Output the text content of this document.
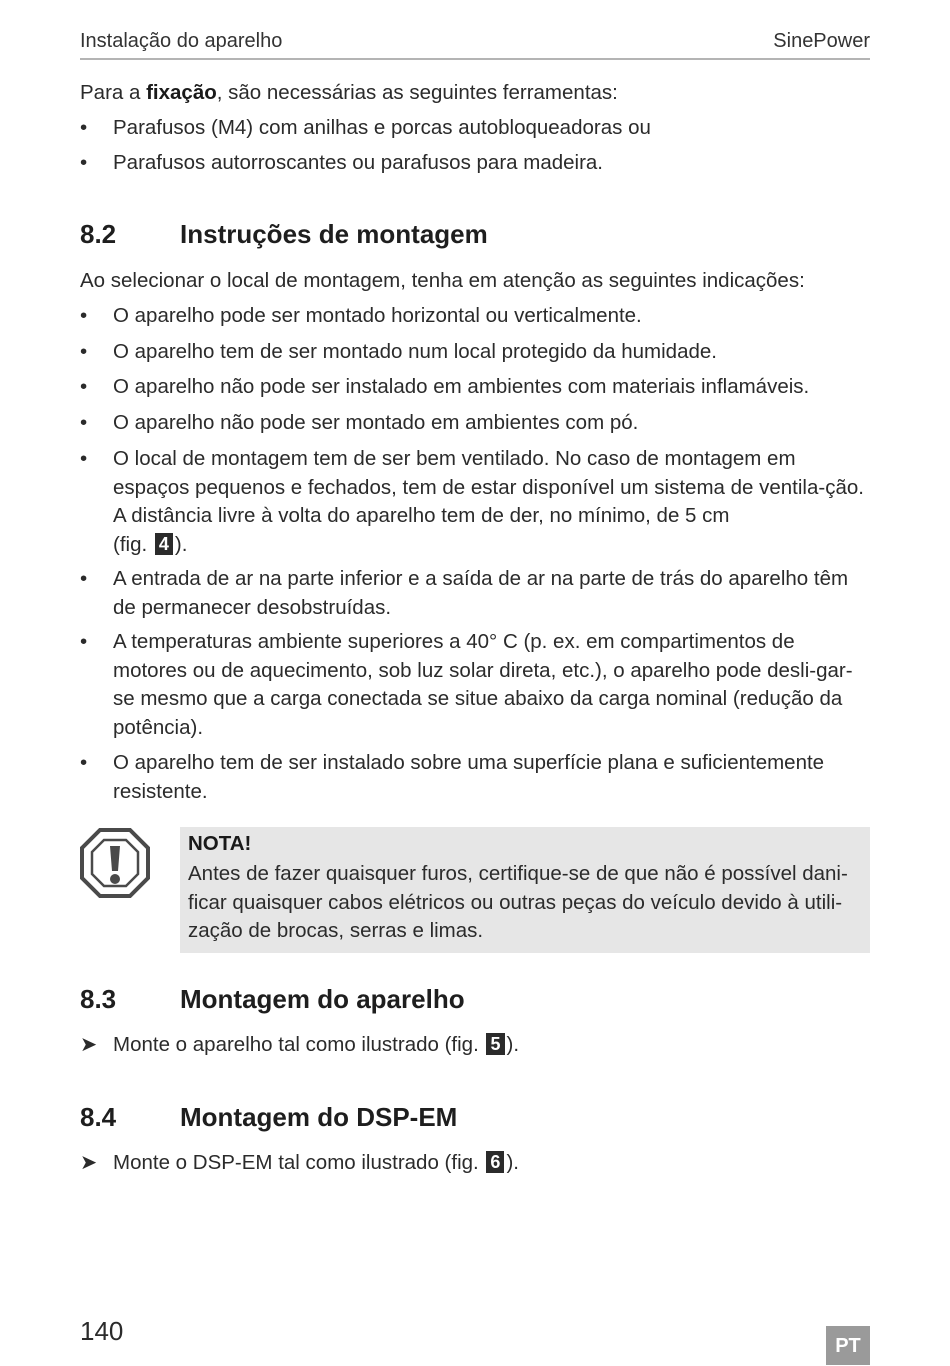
Instalação do aparelho	SinePower
Para a fixação, são necessárias as seguintes ferramentas:
•	Parafusos (M4) com anilhas e porcas autobloqueadoras ou
•	Parafusos autorroscantes ou parafusos para madeira.
8.2 Instruções de montagem
Ao selecionar o local de montagem, tenha em atenção as seguintes indicações:
•	O aparelho pode ser montado horizontal ou verticalmente.
•	O aparelho tem de ser montado num local protegido da humidade.
•	O aparelho não pode ser instalado em ambientes com materiais inflamáveis.
•	O aparelho não pode ser montado em ambientes com pó.
•	O local de montagem tem de ser bem ventilado. No caso de montagem em espaços pequenos e fechados, tem de estar disponível um sistema de ventila-ção. A distância livre à volta do aparelho tem de der, no mínimo, de 5 cm
(fig. 4 ).
•	A entrada de ar na parte inferior e a saída de ar na parte de trás do aparelho têm de permanecer desobstruídas.
•	A temperaturas ambiente superiores a 40° C (p. ex. em compartimentos de motores ou de aquecimento, sob luz solar direta, etc.), o aparelho pode desli-gar-se mesmo que a carga conectada se situe abaixo da carga nominal (redução da potência).
•	O aparelho tem de ser instalado sobre uma superfície plana e suficientemente resistente.
NOTA!
Antes de fazer quaisquer furos, certifique-se de que não é possível dani-ficar quaisquer cabos elétricos ou outras peças do veículo devido à utili-zação de brocas, serras e limas.
8.3 Montagem do aparelho
➤ Monte o aparelho tal como ilustrado (fig. 5 ).
8.4 Montagem do DSP-EM
➤ Monte o DSP-EM tal como ilustrado (fig. 6 ).
140	PT
